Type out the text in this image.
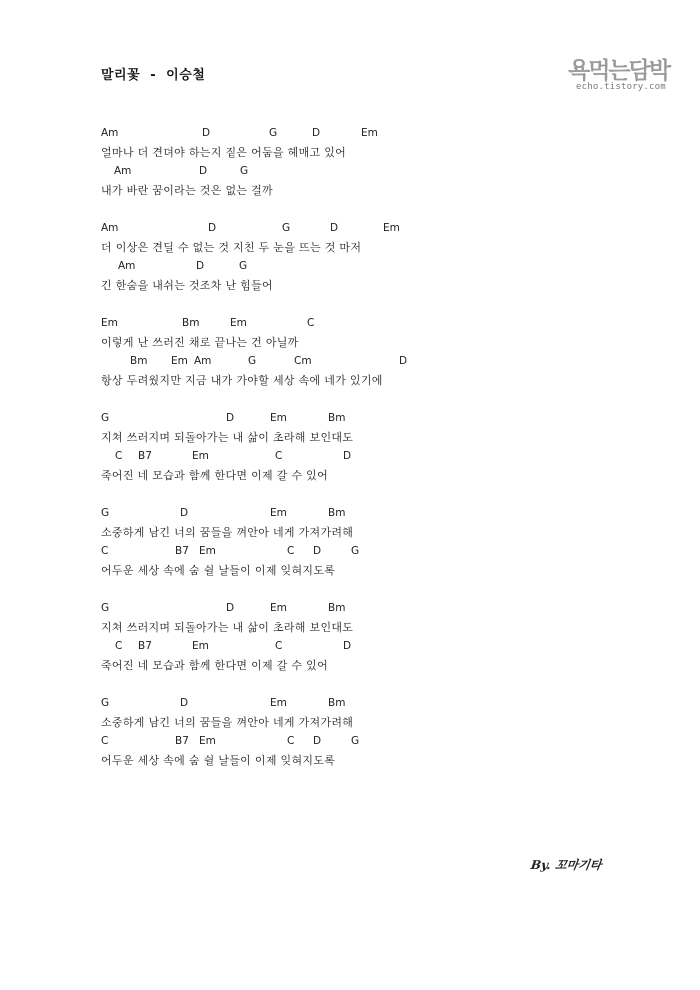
말리꽃  -  이승철	욕먹는담박
echo.tistory.com
Am	D	G	D	Em
얼마나 더 견뎌야 하는지 짙은 어둠을 헤매고 있어
Am	D	G
내가 바란 꿈이라는 것은 없는 걸까
Am	D	G	D	Em
더 이상은 견딜 수 없는 것 지친 두 눈을 뜨는 것 마저
Am	D	G
긴 한숨을 내쉬는 것조차 난 힘들어
Em	Bm	Em	C
이렇게 난 쓰러진 채로 끝나는 건 아닐까
Bm Em Am	G	Cm	D
항상 두려웠지만 지금 내가 가야할 세상 속에 네가 있기에
G	D	Em	Bm
지쳐 쓰러지며 되돌아가는 내 삶이 초라해 보인대도
C B7	Em	C	D
죽어진 네 모습과 함께 한다면 이제 갈 수 있어
G	D	Em	Bm
소중하게 남긴 너의 꿈들을 껴안아 네게 가져가려해
C	B7 Em	C D	G
어두운 세상 속에 숨 쉴 날들이 이제 잊혀지도록
G	D	Em	Bm
지쳐 쓰러지며 되돌아가는 내 삶이 초라해 보인대도
C B7	Em	C	D
죽어진 네 모습과 함께 한다면 이제 갈 수 있어
G	D	Em	Bm
소중하게 남긴 너의 꿈들을 껴안아 네게 가져가려해
C	B7 Em	C D	G
어두운 세상 속에 숨 쉴 날들이 이제 잊혀지도록
By. 꼬마기타
